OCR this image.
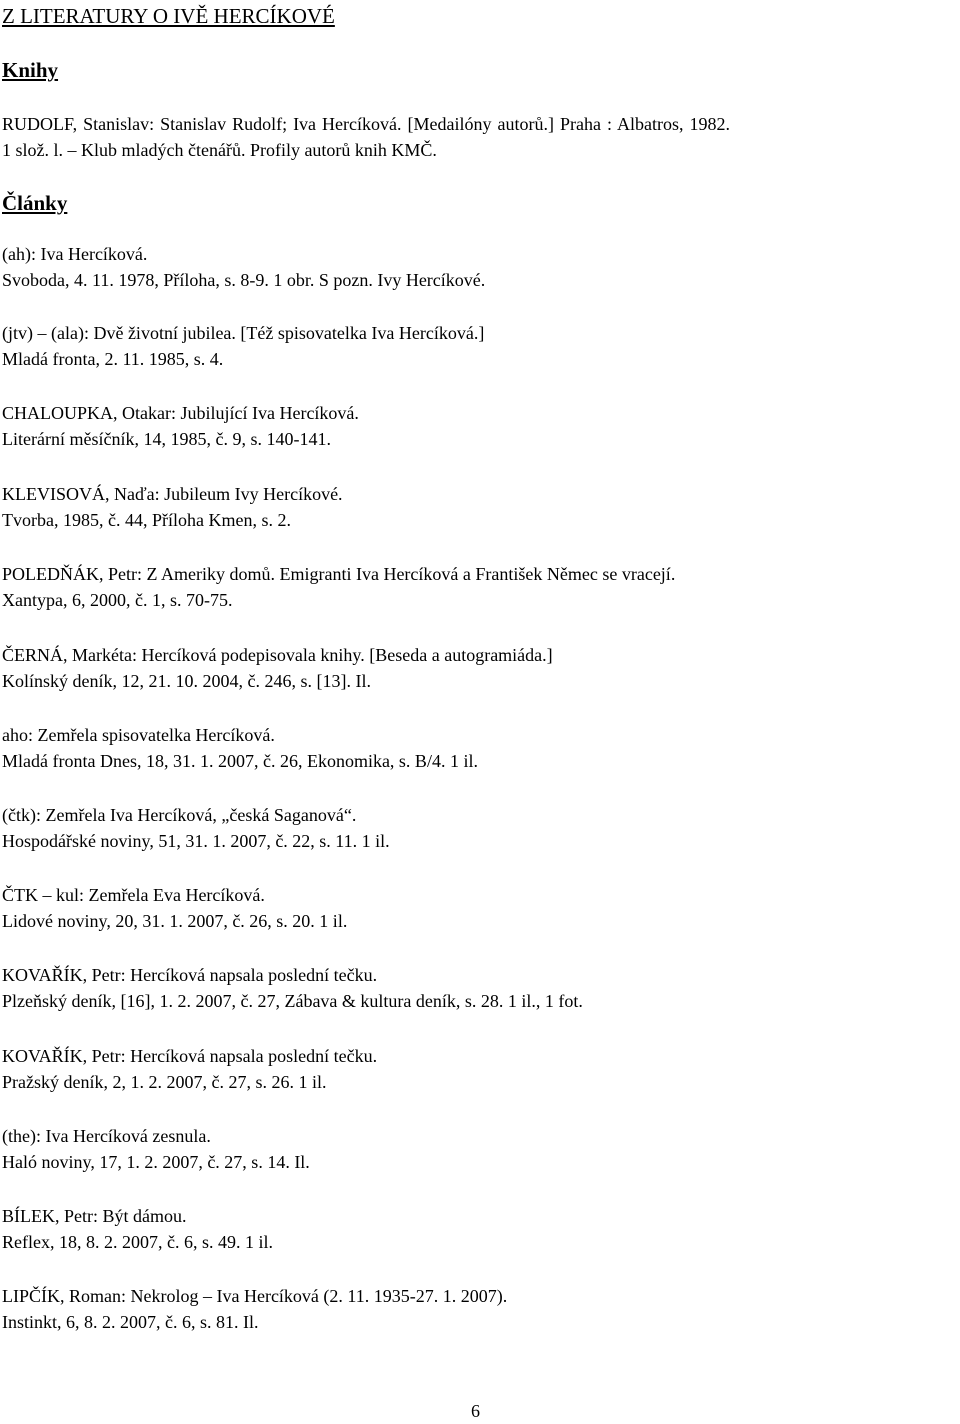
Z LITERATURY O IVĚ HERCÍKOVÉ
Knihy
RUDOLF, Stanislav: Stanislav Rudolf; Iva Hercíková. [Medailóny autorů.] Praha : Albatros, 1982.
1 slož. l. – Klub mladých čtenářů. Profily autorů knih KMČ.
Články
(ah): Iva Hercíková.
Svoboda, 4. 11. 1978, Příloha, s. 8-9. 1 obr. S pozn. Ivy Hercíkové.
(jtv) – (ala): Dvě životní jubilea. [Též spisovatelka Iva Hercíková.]
Mladá fronta, 2. 11. 1985, s. 4.
CHALOUPKA, Otakar: Jubilující Iva Hercíková.
Literární měsíčník, 14, 1985, č. 9, s. 140-141.
KLEVISOVÁ, Naďa: Jubileum Ivy Hercíkové.
Tvorba, 1985, č. 44, Příloha Kmen, s. 2.
POLEDŇÁK, Petr: Z Ameriky domů. Emigranti Iva Hercíková a František Němec se vracejí.
Xantypa, 6, 2000, č. 1, s. 70-75.
ČERNÁ, Markéta: Hercíková podepisovala knihy. [Beseda a autogramiáda.]
Kolínský deník, 12, 21. 10. 2004, č. 246, s. [13]. Il.
aho: Zemřela spisovatelka Hercíková.
Mladá fronta Dnes, 18, 31. 1. 2007, č. 26, Ekonomika, s. B/4. 1 il.
(čtk): Zemřela Iva Hercíková, „česká Saganová“.
Hospodářské noviny, 51, 31. 1. 2007, č. 22, s. 11. 1 il.
ČTK – kul: Zemřela Eva Hercíková.
Lidové noviny, 20, 31. 1. 2007, č. 26, s. 20. 1 il.
KOVAŘÍK, Petr: Hercíková napsala poslední tečku.
Plzeňský deník, [16], 1. 2. 2007, č. 27, Zábava & kultura deník, s. 28. 1 il., 1 fot.
KOVAŘÍK, Petr: Hercíková napsala poslední tečku.
Pražský deník, 2, 1. 2. 2007, č. 27, s. 26. 1 il.
(the): Iva Hercíková zesnula.
Haló noviny, 17, 1. 2. 2007, č. 27, s. 14. Il.
BÍLEK, Petr: Být dámou.
Reflex, 18, 8. 2. 2007, č. 6, s. 49. 1 il.
LIPČÍK, Roman: Nekrolog – Iva Hercíková (2. 11. 1935-27. 1. 2007).
Instinkt, 6, 8. 2. 2007, č. 6, s. 81. Il.
6
